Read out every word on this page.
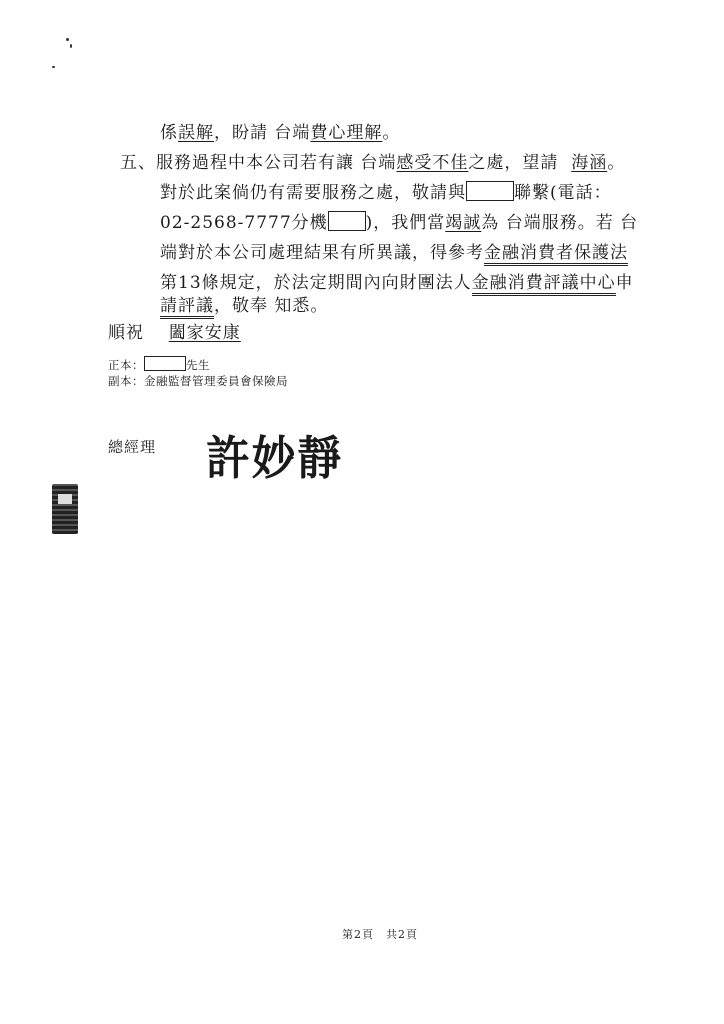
係誤解，盼請 台端費心理解。
五、服務過程中本公司若有讓 台端感受不佳之處，望請 海涵。
對於此案倘仍有需要服務之處，敬請與	聯繫(電話：
02-2568-7777分機 )，我們當竭誠為 台端服務。若 台
端對於本公司處理結果有所異議，得參考金融消費者保護法
第13條規定，於法定期間內向財團法人金融消費評議中心申
請評議，敬奉 知悉。
順祝 闔家安康
正本：	先生
副本：金融監督管理委員會保險局
總經理 許妙靜
第2頁　共2頁
